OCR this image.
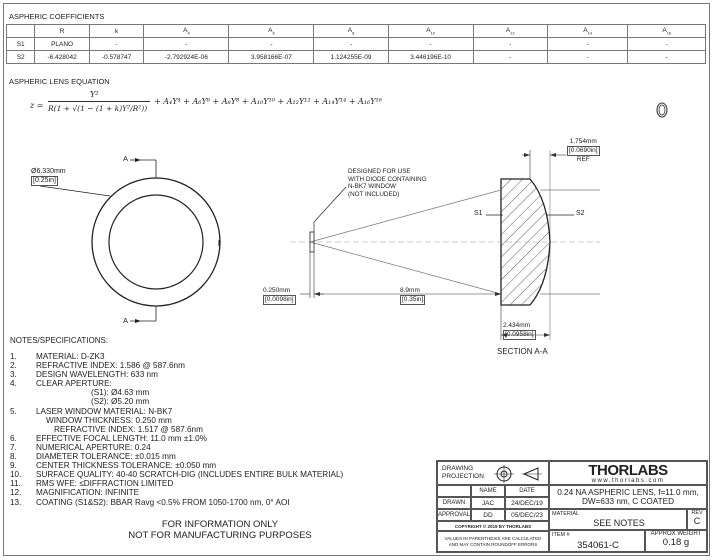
ASPHERIC COEFFICIENTS
	R	k	$A_4$	$A_6$	$A_8$	$A_{10}$	$A_{12}$	$A_{14}$	$A_{16}$
S1	PLANO	-	-	-	-	-	-	-	-
S2	-6.428042	-0.578747	-2.792924E-06	3.958166E-07	1.124255E-09	3.446196E-10	-	-	-
ASPHERIC LENS EQUATION
z =
Y²
R(1 + √(1 − (1 + k)Y²/R²))
+ A₄Y⁴ + A₆Y⁶ + A₈Y⁸ + A₁₀Y¹⁰ + A₁₂Y¹² + A₁₄Y¹⁴ + A₁₆Y¹⁶
Ø6.330mm
[0.25in]
A
A
DESIGNED FOR USE
WITH DIODE CONTAINING
N-BK7 WINDOW
(NOT INCLUDED)
S1	S2
1.754mm
[0.0690in]
REF
0.250mm
[0.0098in]
8.9mm
[0.35in]
2.434mm
[0.0958in]
SECTION A-A
NOTES/SPECIFICATIONS:
1.	MATERIAL: D-ZK3
2.	REFRACTIVE INDEX: 1.586 @ 587.6nm
3.	DESIGN WAVELENGTH: 633 nm
4.	CLEAR APERTURE:
(S1): Ø4.63 mm
(S2): Ø5.20 mm
5.	LASER WINDOW MATERIAL: N-BK7
WINDOW THICKNESS: 0.250 mm
REFRACTIVE INDEX: 1.517 @ 587.6nm
6.	EFFECTIVE FOCAL LENGTH: 11.0 mm ±1.0%
7.	NUMERICAL APERTURE: 0.24
8.	DIAMETER TOLERANCE: ±0.015 mm
9.	CENTER THICKNESS TOLERANCE: ±0.050 mm
10.	SURFACE QUALITY: 40-40 SCRATCH-DIG (INCLUDES ENTIRE BULK MATERIAL)
11.	RMS WFE: ≤DIFFRACTION LIMITED
12.	MAGNIFICATION: INFINITE
13.	COATING (S1&S2): BBAR Ravg <0.5% FROM 1050-1700 nm, 0° AOI
FOR INFORMATION ONLY
NOT FOR MANUFACTURING PURPOSES
DRAWING
PROJECTION	THORLABS
www.thorlabs.com
NAME	DATE
DRAWN	JAC	24/DEC/19
APPROVAL	DD	05/DEC/23
COPYRIGHT © 2019 BY THORLABS
VALUES IN PARENTHESIS ARE CALCULATED
AND MAY CONTAIN ROUNDOFF ERRORS
0.24 NA ASPHERIC LENS, f=11.0 mm,
DW=633 nm, C COATED
MATERIAL
SEE NOTES
REV
C
ITEM #
354061-C
APPROX WEIGHT
0.18 g
